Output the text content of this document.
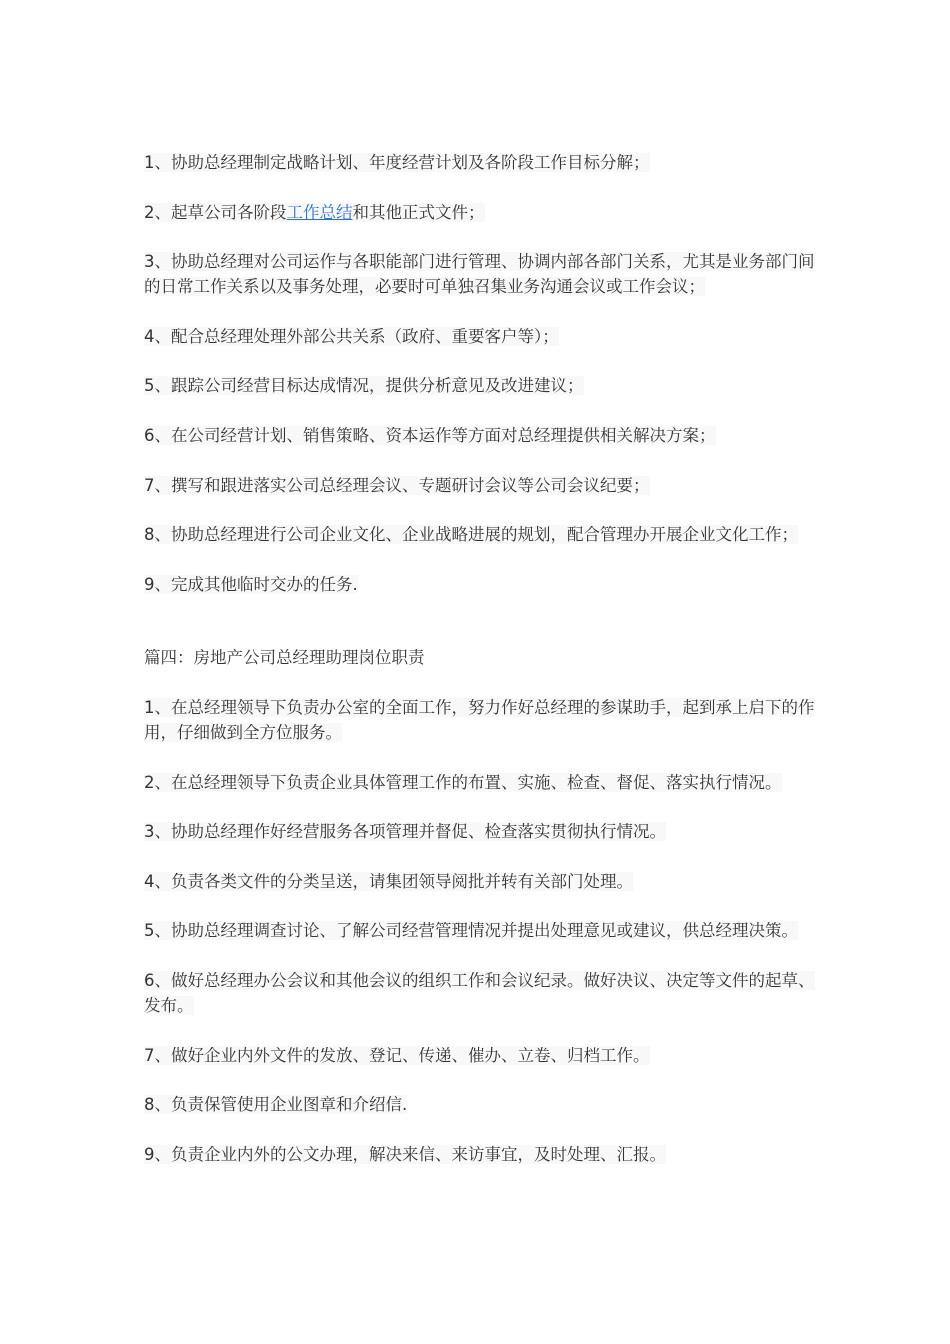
1、协助总经理制定战略计划、年度经营计划及各阶段工作目标分解；

2、起草公司各阶段工作总结和其他正式文件；

3、协助总经理对公司运作与各职能部门进行管理、协调内部各部门关系，尤其是业务部门间的日常工作关系以及事务处理，必要时可单独召集业务沟通会议或工作会议；

4、配合总经理处理外部公共关系（政府、重要客户等）；

5、跟踪公司经营目标达成情况，提供分析意见及改进建议；

6、在公司经营计划、销售策略、资本运作等方面对总经理提供相关解决方案；

7、撰写和跟进落实公司总经理会议、专题研讨会议等公司会议纪要；

8、协助总经理进行公司企业文化、企业战略进展的规划，配合管理办开展企业文化工作；

9、完成其他临时交办的任务.

篇四：房地产公司总经理助理岗位职责

1、在总经理领导下负责办公室的全面工作，努力作好总经理的参谋助手，起到承上启下的作用，仔细做到全方位服务。

2、在总经理领导下负责企业具体管理工作的布置、实施、检查、督促、落实执行情况。

3、协助总经理作好经营服务各项管理并督促、检查落实贯彻执行情况。

4、负责各类文件的分类呈送，请集团领导阅批并转有关部门处理。

5、协助总经理调查讨论、了解公司经营管理情况并提出处理意见或建议，供总经理决策。

6、做好总经理办公会议和其他会议的组织工作和会议纪录。做好决议、决定等文件的起草、发布。

7、做好企业内外文件的发放、登记、传递、催办、立卷、归档工作。

8、负责保管使用企业图章和介绍信.

9、负责企业内外的公文办理，解决来信、来访事宜，及时处理、汇报。
